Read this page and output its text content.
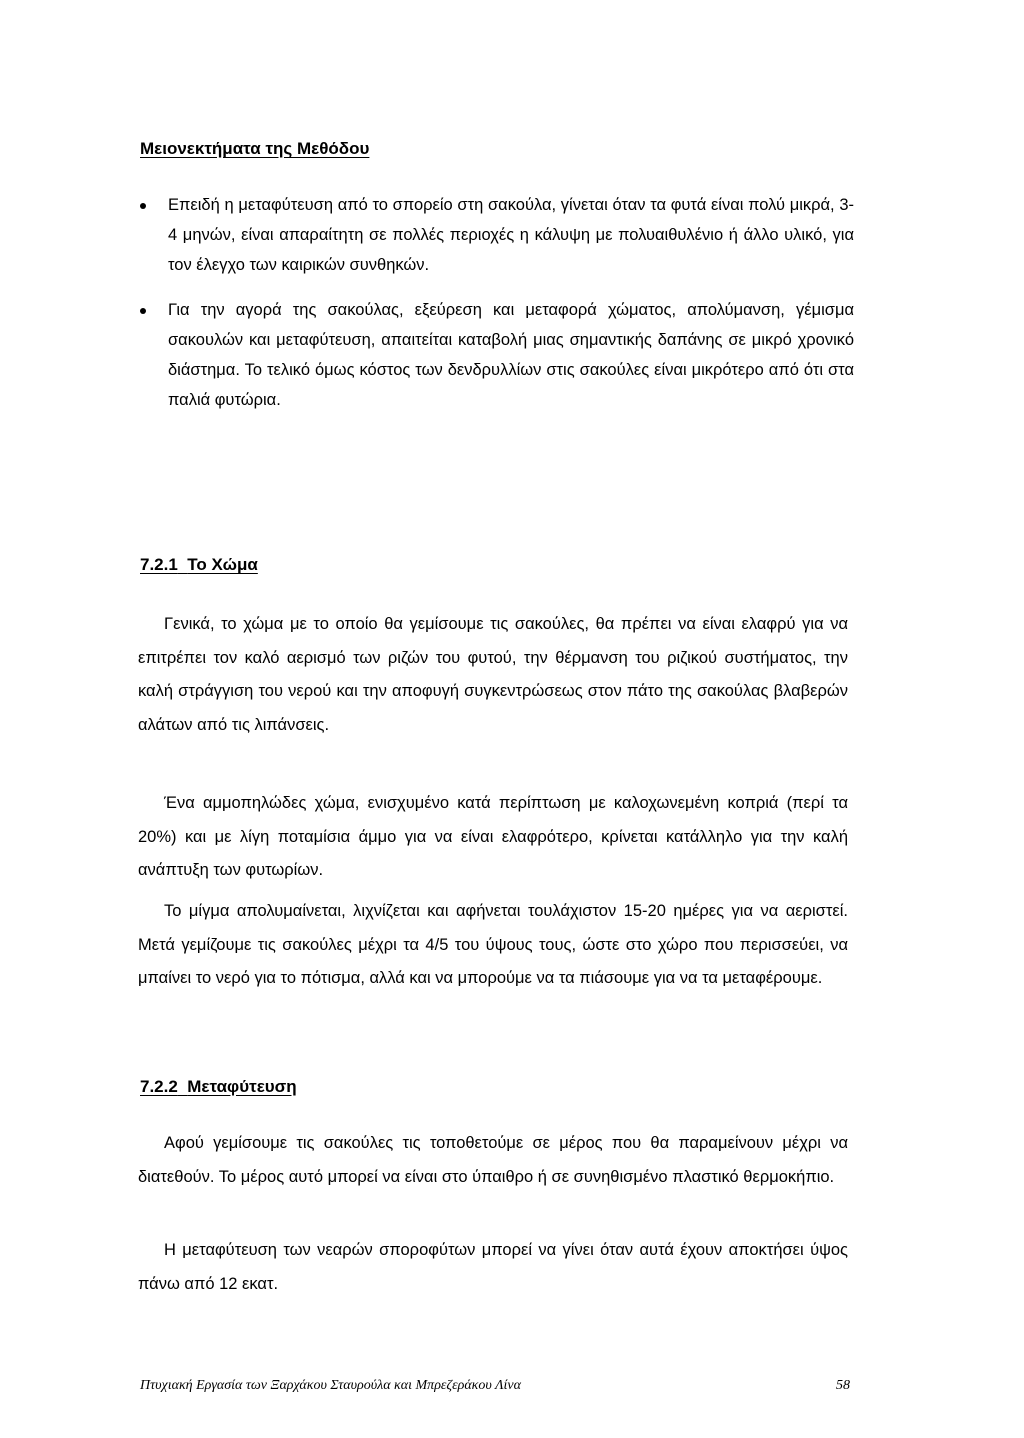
Μειονεκτήματα της Μεθόδου
Επειδή η μεταφύτευση από το σπορείο στη σακούλα, γίνεται όταν τα φυτά είναι πολύ μικρά, 3-4 μηνών, είναι απαραίτητη σε πολλές περιοχές η κάλυψη με πολυαιθυλένιο ή άλλο υλικό, για τον έλεγχο των καιρικών συνθηκών.
Για την αγορά της σακούλας, εξεύρεση και μεταφορά χώματος, απολύμανση, γέμισμα σακουλών και μεταφύτευση, απαιτείται καταβολή μιας σημαντικής δαπάνης σε μικρό χρονικό διάστημα. Το τελικό όμως κόστος των δενδρυλλίων στις σακούλες είναι μικρότερο από ότι στα παλιά φυτώρια.
7.2.1 Το Χώμα

Γενικά, το χώμα με το οποίο θα γεμίσουμε τις σακούλες, θα πρέπει να είναι ελαφρύ για να επιτρέπει τον καλό αερισμό των ριζών του φυτού, την θέρμανση του ριζικού συστήματος, την καλή στράγγιση του νερού και την αποφυγή συγκεντρώσεως στον πάτο της σακούλας βλαβερών αλάτων από τις λιπάνσεις.

Ένα αμμοπηλώδες χώμα, ενισχυμένο κατά περίπτωση με καλοχωνεμένη κοπριά (περί τα 20%) και με λίγη ποταμίσια άμμο για να είναι ελαφρότερο, κρίνεται κατάλληλο για την καλή ανάπτυξη των φυτωρίων.

Το μίγμα απολυμαίνεται, λιχνίζεται και αφήνεται τουλάχιστον 15-20 ημέρες για να αεριστεί. Μετά γεμίζουμε τις σακούλες μέχρι τα 4/5 του ύψους τους, ώστε στο χώρο που περισσεύει, να μπαίνει το νερό για το πότισμα, αλλά και να μπορούμε να τα πιάσουμε για να τα μεταφέρουμε.

7.2.2 Μεταφύτευση

Αφού γεμίσουμε τις σακούλες τις τοποθετούμε σε μέρος που θα παραμείνουν μέχρι να διατεθούν. Το μέρος αυτό μπορεί να είναι στο ύπαιθρο ή σε συνηθισμένο πλαστικό θερμοκήπιο.

Η μεταφύτευση των νεαρών σποροφύτων μπορεί να γίνει όταν αυτά έχουν αποκτήσει ύψος πάνω από 12 εκατ.

Πτυχιακή Εργασία των Ξαρχάκου Σταυρούλα και Μπρεζεράκου Λίνα	58
